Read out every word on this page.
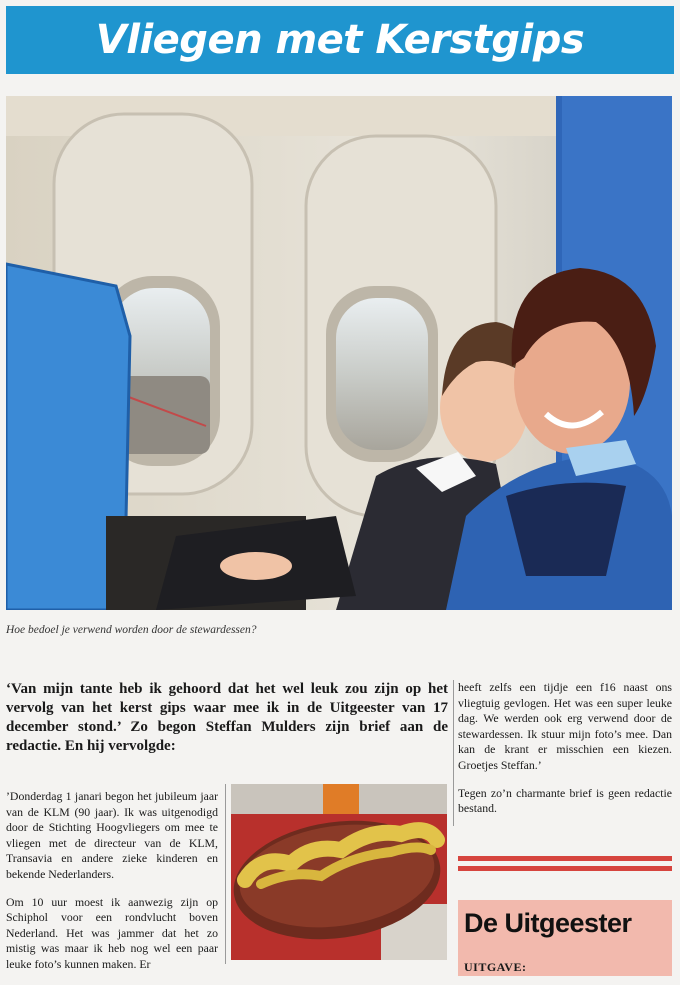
Vliegen met Kerstgips
Hoe bedoel je verwend worden door de stewardessen?

‘Van mijn tante heb ik gehoord dat het wel leuk zou zijn op het vervolg van het kerst gips waar mee ik in de Uitgeester van 17 december stond.’ Zo begon Steffan Mulders zijn brief aan de redactie. En hij vervolgde:

’Donderdag 1 janari begon het jubileum jaar van de KLM (90 jaar). Ik was uitgenodigd door de Stichting Hoogvliegers om mee te vliegen met de directeur van de KLM, Transavia en andere zieke kinderen en bekende Nederlanders.

Om 10 uur moest ik aanwezig zijn op Schiphol voor een rondvlucht boven Nederland. Het was jammer dat het zo mistig was maar ik heb nog wel een paar leuke foto’s kunnen maken. Er

heeft zelfs een tijdje een f16 naast ons vliegtuig gevlogen. Het was een super leuke dag. We werden ook erg verwend door de stewardessen. Ik stuur mijn foto’s mee. Dan kan de krant er misschien een kiezen. Groetjes Steffan.’

Tegen zo’n charmante brief is geen redactie bestand.

De Uitgeester
UITGAVE:
